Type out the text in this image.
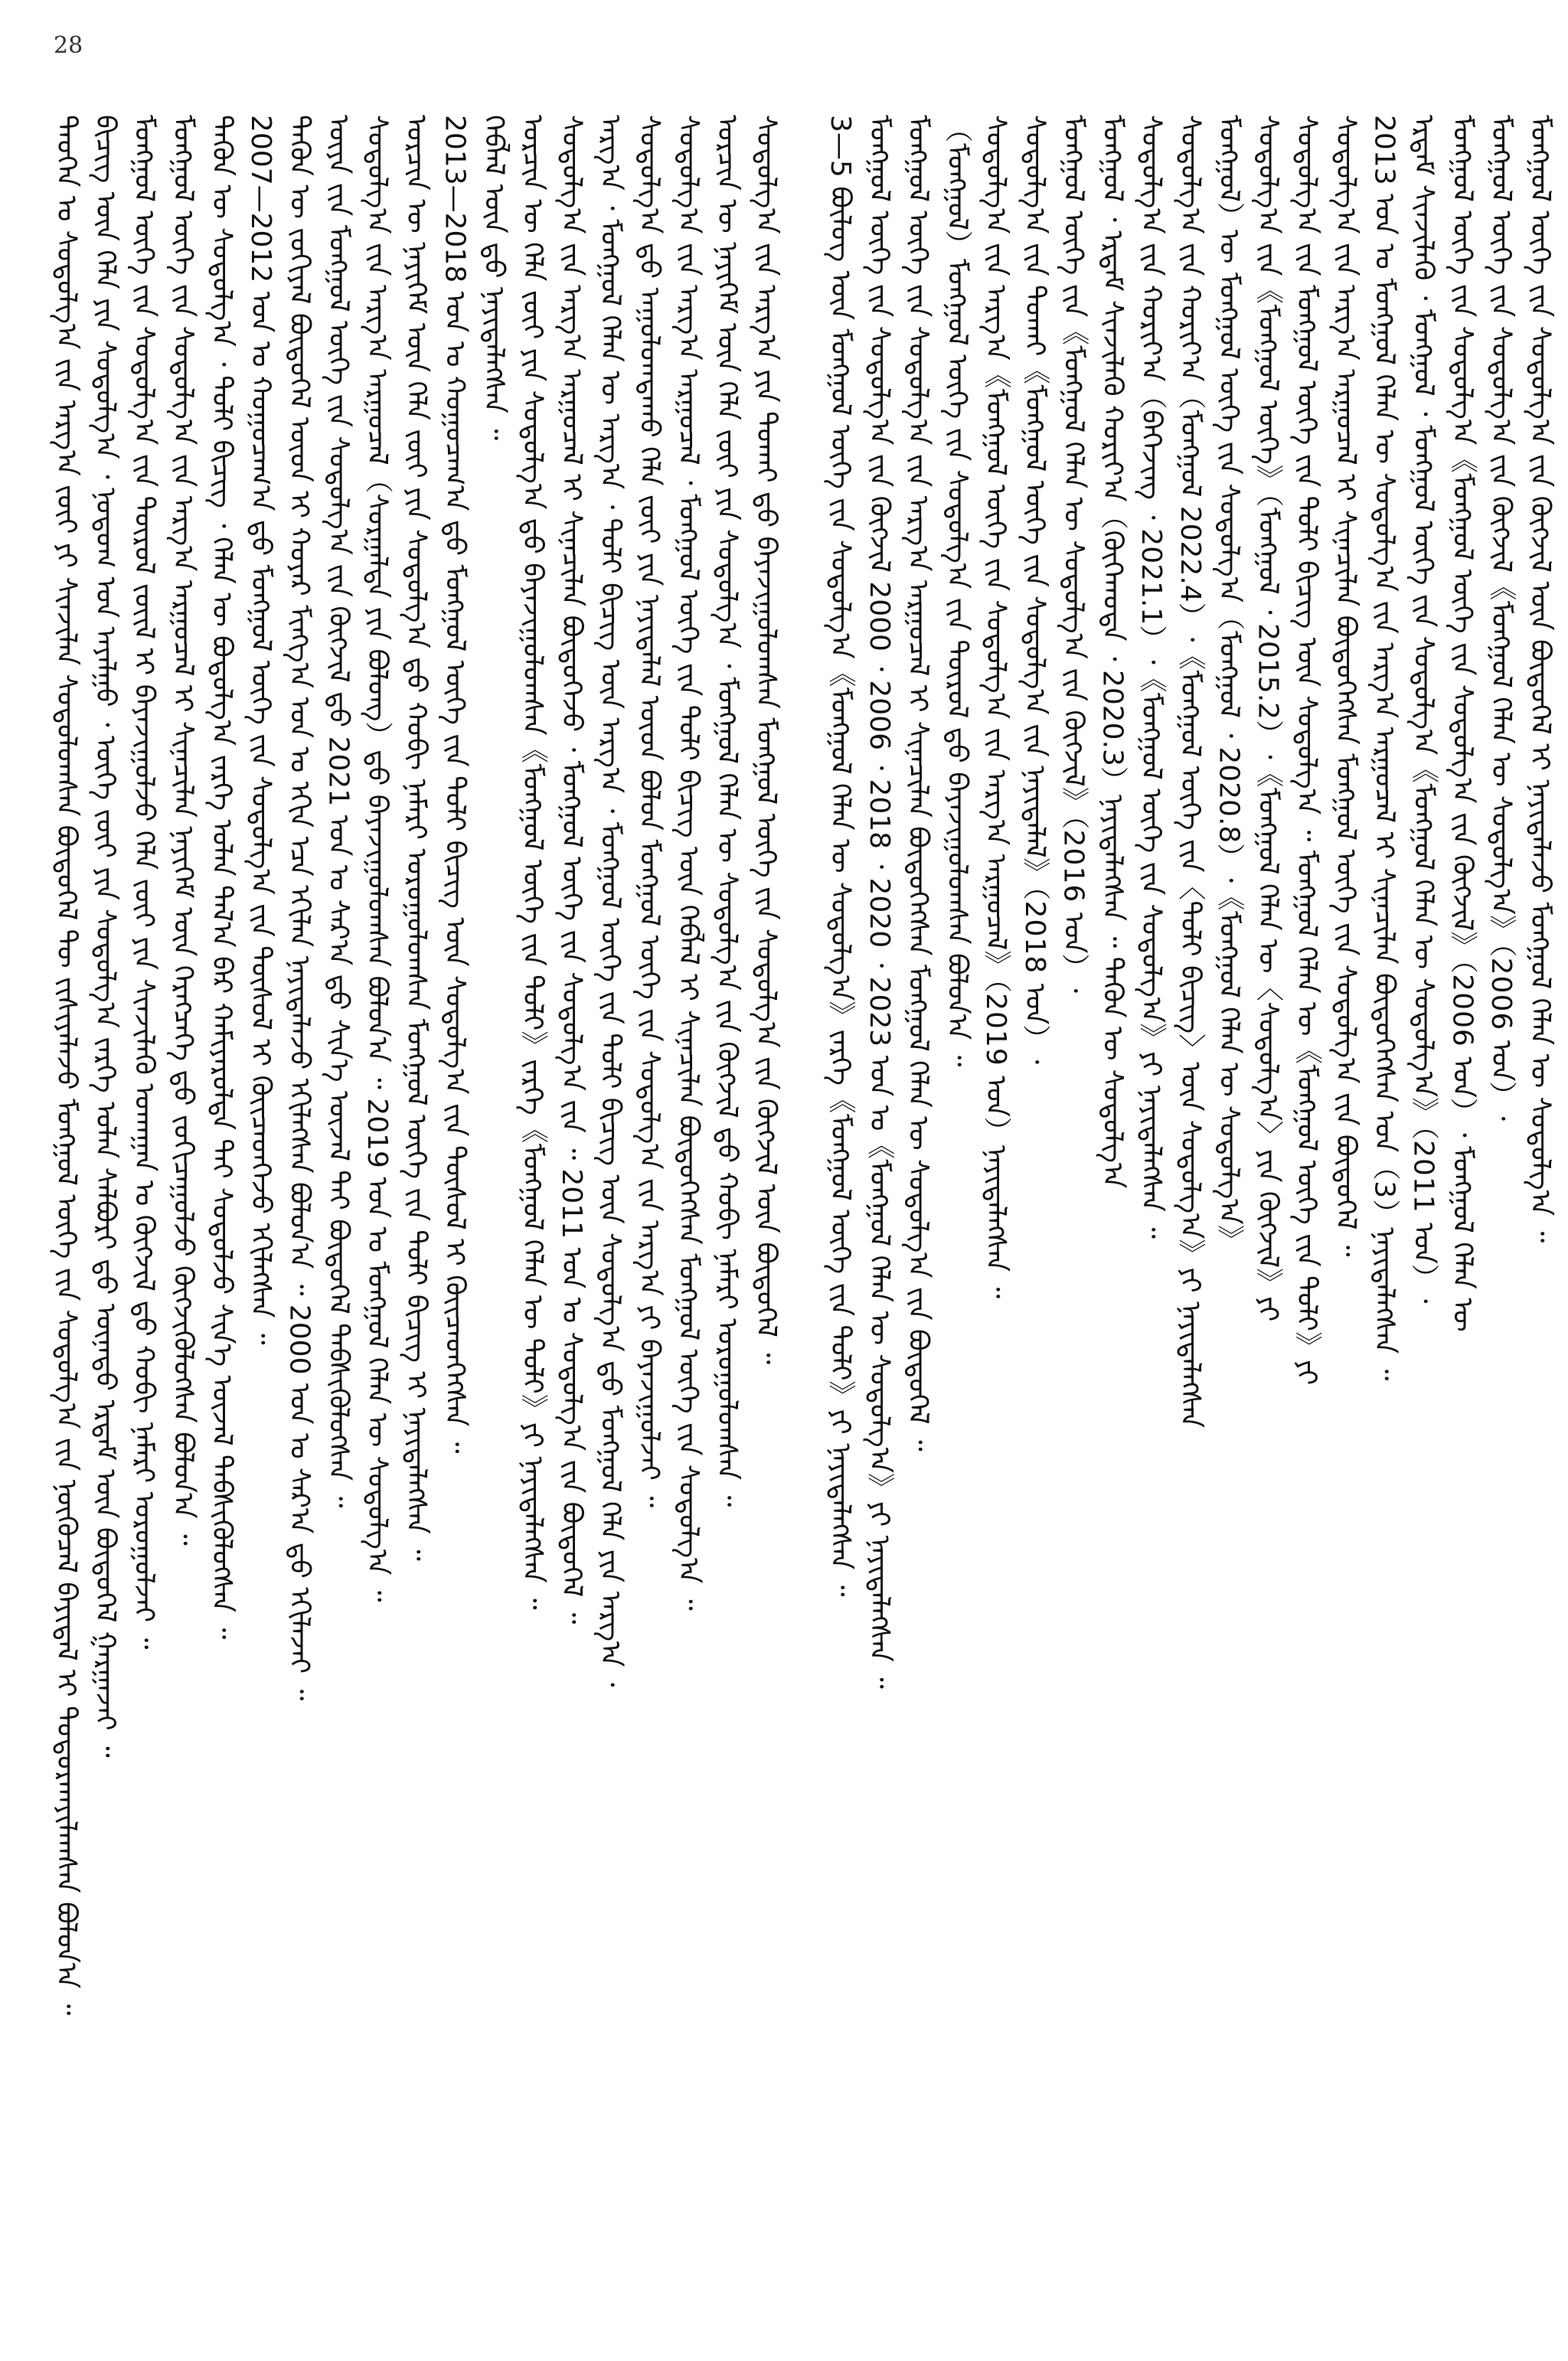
28
ᠲᠡᠦᠬᠡᠨ ᠤ ᠰᠤᠳᠤᠯᠭ᠎ᠠ ᠶ᠋ᠢᠨ ᠠᠷᠭ᠎ᠠ ᠵᠦᠢ ᠶᠢ ᠰᠢᠨᠵᠢᠯᠡᠨ ᠰᠤᠳᠤᠯᠤᠭᠰᠠᠨ ᠪᠦᠲᠦᠭᠡᠯ ᠲᠦ ᠵᠢᠱᠢᠶᠡᠯᠡᠵᠦ ᠮᠣᠩᠭᠣᠯ ᠦᠭᠡ ᠵᠢᠨ ᠰᠤᠳᠤᠯᠭ᠎ᠠ ᠶ᠋ᠢᠨ ᠨᠦᠬᠦᠴᠡᠯ ᠪᠠᠶᠢᠳᠠᠯ ᠢ ᠲᠣᠳᠤᠷᠬᠠᠶᠢᠯᠠᠭᠰᠠᠨ ᠪᠣᠯᠤᠨ᠎ᠠ ᠃ ᠪᠢᠴᠢᠭ᠌ ᠦᠨ ᠬᠡᠯᠡ ᠶᠢᠨ ᠰᠤᠳᠤᠯᠭ᠎ᠠ ᠂ ᠨᠤᠲᠤᠭ ᠤᠨ ᠠᠶᠠᠯᠭᠤ ᠂ ᠦᠭᠡ ᠵᠦᠢ ᠶᠢᠨ ᠰᠤᠳᠤᠯᠭ᠎ᠠ ᠵᠡᠷᠭᠡ ᠣᠯᠠᠨ ᠰᠠᠯᠪᠤᠷᠢ ᠳ᠋ᠤ ᠦᠨᠡᠲᠦ ᠡᠷᠳᠡᠮ ᠦᠨ ᠪᠦᠲᠦᠭᠡᠯ ᠭᠠᠷᠭᠠᠵᠠᠢ ᠃ ᠮᠣᠩᠭᠣᠯ ᠦᠭᠡ ᠵᠢᠨ ᠰᠤᠳᠤᠯᠭ᠎ᠠ ᠶ᠋ᠢᠨ ᠲᠦᠷᠦᠯ ᠵᠦᠢᠯ ᠢ ᠪᠠᠶᠠᠵᠢᠭᠤᠯᠵᠤ ᠬᠡᠯᠡ ᠵᠦᠢ ᠶᠢᠨ ᠰᠢᠨᠵᠢᠯᠡᠬᠦ ᠤᠬᠠᠭᠠᠨ ᠤ ᠬᠦᠭᠵᠢᠯ ᠳ᠋ᠦ ᠬᠤᠪᠢ ᠨᠡᠮᠡᠷᠢ ᠣᠷᠤᠭᠤᠯᠵᠠᠢ ᠃ ᠮᠣᠩᠭᠣᠯ ᠦᠭᠡ ᠵᠢᠨ ᠰᠤᠳᠤᠯᠭ᠎ᠠ ᠶ᠋ᠢᠨ ᠠᠷᠭ᠎ᠠ ᠠᠷᠭᠤᠴᠠᠯ ᠢ ᠰᠢᠨᠡᠴᠢᠯᠡᠨ ᠨᠡᠶᠢᠭᠡᠮ ᠦᠨ ᠬᠡᠷᠡᠭᠴᠡᠭᠡ ᠳ᠋ᠦ ᠵᠣᠬᠢᠴᠠᠭᠤᠯᠵᠤ ᠬᠥᠭᠵᠢᠭᠦᠯᠦᠭᠰᠡᠨ ᠪᠣᠯᠤᠨ᠎ᠠ ᠃ ᠲᠡᠭᠦᠨ ᠦ ᠰᠤᠳᠤᠯᠭ᠎ᠠ ᠂ ᠲᠣᠯᠢ ᠪᠢᠴᠢᠭ ᠂ ᠬᠡᠯᠡᠨ ᠦ ᠪᠣᠳᠤᠯᠭ᠎ᠠ ᠵᠡᠷᠭᠡ ᠣᠯᠠᠨ ᠲᠠᠯ᠎ᠠ ᠪᠠᠷ ᠬᠠᠮᠢᠶᠠᠷᠤᠯᠲᠠ ᠲᠠᠢ ᠰᠤᠳᠤᠯᠵᠤ ᠰᠢᠨ᠎ᠡ ᠦᠵᠡᠯ ᠳᠡᠪᠰᠢᠭᠦᠯᠦᠭᠰᠡᠨ ᠃ 2007—2012 ᠣᠨ ᠤ ᠬᠤᠭᠤᠴᠠᠭ᠎ᠠ ᠳ᠋ᠤ ᠮᠣᠩᠭᠣᠯ ᠦᠭᠡ ᠵᠢᠨ ᠰᠤᠳᠤᠯᠭ᠎ᠠ ᠶ᠋ᠢᠨ ᠲᠥᠰᠥᠯ ᠢ ᠭᠦᠢᠴᠡᠳᠭᠡᠵᠦ ᠡᠬᠢᠯᠡᠭᠰᠡᠨ ᠃ ᠲᠡᠭᠦᠨ ᠦ ᠵᠣᠬᠢᠶᠠᠯ ᠪᠦᠲᠦᠭᠡᠯ ᠦᠳ ᠢ ᠬᠣᠶᠠᠷ ᠮᠢᠩᠭ᠎ᠠ ᠣᠨ ᠤ ᠡᠬᠢᠨ ᠡᠴᠡ ᠡᠬᠢᠯᠡᠨ ᠨᠡᠶᠢᠲᠡᠯᠡᠵᠦ ᠡᠬᠢᠯᠡᠭᠰᠡᠨ ᠪᠣᠯᠤᠨ᠎ᠠ ᠃ 2000 ᠣᠨ ᠤ ᠰᠠᠷ᠎ᠠ ᠳ᠋ᠤ ᠡᠬᠢᠯᠡᠵᠡᠢ ᠃ ᠦᠶᠡ ᠵᠢᠨ ᠮᠣᠩᠭᠣᠯ ᠦᠭᠡ ᠵᠢᠨ ᠰᠤᠳᠤᠯᠭ᠎ᠠ ᠶ᠋ᠢᠨ ᠬᠥᠭᠵᠢᠯ ᠳ᠋ᠦ 2021 ᠣᠨ ᠤ ᠰᠠᠷ᠎ᠠ ᠳ᠋ᠤ ᠰᠢᠨ᠎ᠡ ᠦᠵᠡᠯ ᠲᠡᠢ ᠪᠦᠲᠦᠭᠡᠯ ᠳᠡᠪᠰᠢᠭᠦᠯᠦᠭᠰᠡᠨ ᠃ ᠰᠤᠳᠤᠯᠭ᠎ᠠ ᠶ᠋ᠢᠨ ᠠᠷᠭ᠎ᠠ ᠠᠷᠭᠤᠴᠠᠯ（ᠰᠤᠷᠭᠠᠯᠲᠠ ᠶᠢᠨ ᠪᠤᠯᠤᠩ）ᠳ᠋ᠤ ᠪᠠᠶᠠᠵᠢᠭᠤᠯᠤᠭᠰᠠᠨ ᠪᠣᠯᠤᠨ᠎ᠠ ᠃ 2019 ᠣᠨ ᠤ ᠮᠣᠩᠭᠣᠯ ᠬᠡᠯᠡᠨ ᠦ ᠰᠤᠳᠤᠯᠭ᠎ᠠ ᠃ ᠣᠷᠴᠢᠨ ᠦ ᠨᠡᠶᠢᠭᠡᠮ ᠦᠨ ᠬᠡᠯᠡ ᠵᠦᠢ ᠶᠢᠨ ᠰᠤᠳᠤᠯᠭ᠎ᠠ ᠳ᠋ᠤ ᠬᠤᠪᠢ ᠨᠡᠮᠡᠷᠢ ᠣᠷᠤᠭᠤᠯᠤᠭᠰᠠᠨ ᠮᠣᠩᠭᠣᠯ ᠦᠭᠡ ᠵᠢᠨ ᠲᠣᠯᠢ ᠪᠢᠴᠢᠭ ᠢ ᠨᠡᠶᠢᠲᠡᠯᠡᠭᠰᠡᠨ ᠃ 2013—2018 ᠣᠨ ᠤ ᠬᠤᠭᠤᠴᠠᠭ᠎ᠠ ᠳ᠋ᠤ ᠮᠣᠩᠭᠣᠯ ᠦᠭᠡ ᠵᠢᠨ ᠲᠣᠯᠢ ᠪᠢᠴᠢᠭ ᠦᠨ ᠰᠤᠳᠤᠯᠭ᠎ᠠ ᠶ᠋ᠢᠨ ᠲᠥᠰᠥᠯ ᠢ ᠭᠦᠢᠴᠡᠳᠭᠡᠭᠰᠡᠨ ᠃ ᠬᠡᠪᠯᠡᠯ ᠦᠨ ᠳ᠋ᠤ ᠨᠡᠶᠢᠲᠡᠯᠡᠭᠰᠡᠨ ᠃ ᠣᠷᠴᠢᠨ ᠦ ᠬᠡᠯᠡ ᠵᠦᠢ ᠶᠢᠨ ᠰᠤᠳᠤᠯᠭ᠎ᠠ ᠳ᠋ᠤ ᠪᠠᠶᠠᠵᠢᠭᠤᠯᠤᠭᠰᠠᠨ《ᠮᠣᠩᠭᠣᠯ ᠦᠭᠡ ᠵᠢᠨ ᠲᠣᠯᠢ》ᠵᠡᠷᠭᠡ《ᠮᠣᠩᠭᠣᠯ ᠬᠡᠯᠡᠨ ᠦ ᠲᠣᠯᠢ》ᠶᠢ ᠨᠡᠶᠢᠲᠡᠯᠡᠭᠰᠡᠨ ᠃ ᠰᠤᠳᠤᠯᠭ᠎ᠠ ᠶ᠋ᠢᠨ ᠠᠷᠭ᠎ᠠ ᠠᠷᠭᠤᠴᠠᠯ ᠢ ᠰᠢᠨᠡᠴᠢᠯᠡᠨ ᠪᠦᠲᠦᠭᠡᠵᠦ ᠂ ᠮᠣᠩᠭᠣᠯ ᠦᠭᠡ ᠵᠢᠨ ᠰᠤᠳᠤᠯᠭ᠎ᠠ ᠶ᠋ᠢᠨ ᠃ 2011 ᠣᠨ ᠤ ᠰᠤᠳᠤᠯᠭ᠎ᠠ ᠶ᠋ᠢᠨ ᠪᠦᠲᠦᠭᠡᠯ ᠃ ᠠᠷᠭ᠎ᠠ ᠂ ᠮᠣᠩᠭᠣᠯ ᠬᠡᠯᠡᠨ ᠦ ᠠᠷᠭ᠎ᠠ ᠂ ᠲᠣᠯᠢ ᠪᠢᠴᠢᠭ ᠦᠨ ᠠᠷᠭ᠎ᠠ ᠂ ᠮᠣᠩᠭᠣᠯ ᠦᠭᠡ ᠵᠢᠨ ᠲᠣᠯᠢ ᠪᠢᠴᠢᠭ ᠦᠨ ᠰᠤᠳᠤᠯᠭ᠎ᠠ ᠳ᠋ᠤ ᠮᠣᠩᠭᠣᠯ ᠬᠡᠯᠡ ᠶᠢᠨ ᠠᠷᠭ᠎ᠠ ᠂ ᠰᠤᠳᠤᠯᠭ᠎ᠠ ᠳ᠋ᠤ ᠠᠭᠤᠯᠤᠭᠳᠠᠬᠤ ᠬᠡᠯᠡ ᠵᠦᠢ ᠶᠢᠨ ᠨᠡᠶᠢᠲᠡᠯᠡᠯ ᠦᠳ ᠪᠣᠯᠤᠨ ᠮᠣᠩᠭᠣᠯ ᠦᠭᠡ ᠵᠢᠨ ᠰᠤᠳᠤᠯᠭ᠎ᠠ ᠶ᠋ᠢᠨ ᠠᠷᠭ᠎ᠠ ᠶᠢ ᠪᠠᠶᠠᠵᠢᠭᠤᠯᠵᠠᠢ ᠃ ᠰᠤᠳᠤᠯᠭ᠎ᠠ ᠶ᠋ᠢᠨ ᠠᠷᠭ᠎ᠠ ᠠᠷᠭᠤᠴᠠᠯ ᠂ ᠮᠣᠩᠭᠣᠯ ᠦᠭᠡ ᠵᠢᠨ ᠲᠣᠯᠢ ᠪᠢᠴᠢᠭ ᠦᠨ ᠬᠡᠪᠯᠡᠯ ᠢ ᠰᠢᠨᠡᠴᠢᠯᠡᠨ ᠪᠦᠲᠦᠭᠡᠭᠰᠡᠨ ᠮᠣᠩᠭᠣᠯ ᠦᠭᠡ ᠵᠢᠨ ᠰᠤᠳᠤᠯᠭ᠎ᠠ ᠃ ᠣᠷᠴᠢᠨ ᠦ ᠨᠡᠶᠢᠭᠡᠮ ᠦᠨ ᠬᠡᠯᠡ ᠵᠦᠢ ᠶᠢᠨ ᠰᠤᠳᠤᠯᠭ᠎ᠠ ᠂ ᠮᠣᠩᠭᠣᠯ ᠬᠡᠯᠡᠨ ᠦ ᠰᠤᠳᠤᠯᠭ᠎ᠠ ᠶ᠋ᠢᠨ ᠬᠥᠭᠵᠢᠯ ᠳ᠋ᠦ ᠬᠤᠪᠢ ᠨᠡᠮᠡᠷᠢ ᠣᠷᠤᠭᠤᠯᠤᠭᠰᠠᠨ ᠃ ᠰᠤᠳᠤᠯᠭ᠎ᠠ ᠶ᠋ᠢᠨ ᠠᠷᠭ᠎ᠠ ᠶᠢᠨ ᠲᠤᠬᠠᠢ ᠳ᠋ᠤ ᠪᠠᠶᠠᠵᠢᠭᠤᠯᠤᠭᠰᠠᠨ ᠮᠣᠩᠭᠣᠯ ᠦᠭᠡ ᠵᠢᠨ ᠰᠤᠳᠤᠯᠭ᠎ᠠ ᠶ᠋ᠢᠨ ᠬᠥᠭᠵᠢᠯ ᠦᠨ ᠪᠦᠲᠦᠭᠡᠯ ᠃ 3—5 ᠪᠦᠯᠦᠭ ᠦᠨ ᠮᠣᠩᠭᠣᠯ ᠦᠭᠡ ᠵᠢᠨ ᠰᠤᠳᠤᠯᠭ᠎ᠠ《ᠮᠣᠩᠭᠣᠯ ᠬᠡᠯᠡᠨ ᠦ ᠰᠤᠳᠤᠯᠭ᠎ᠠ》ᠵᠡᠷᠭᠡ《ᠮᠣᠩᠭᠣᠯ ᠦᠭᠡ ᠵᠢᠨ ᠲᠣᠯᠢ》ᠶᠢ ᠨᠡᠶᠢᠲᠡᠯᠡᠭᠰᠡᠨ ᠃ ᠮᠣᠩᠭᠣᠯ ᠦᠭᠡ ᠵᠢᠨ ᠰᠤᠳᠤᠯᠭ᠎ᠠ ᠶ᠋ᠢᠨ ᠬᠥᠭᠵᠢᠯ 2000 ᠂ 2006 ᠂ 2018 ᠂ 2020 ᠂ 2023 ᠣᠨ ᠤ《ᠮᠣᠩᠭᠣᠯ ᠬᠡᠯᠡᠨ ᠦ ᠰᠤᠳᠤᠯᠭ᠎ᠠ》ᠶᠢ ᠨᠡᠶᠢᠲᠡᠯᠡᠭᠰᠡᠨ ᠃ ᠮᠣᠩᠭᠣᠯ ᠦᠭᠡ ᠵᠢᠨ ᠰᠤᠳᠤᠯᠭ᠎ᠠ ᠶ᠋ᠢᠨ ᠠᠷᠭ᠎ᠠ ᠠᠷᠭᠤᠴᠠᠯ ᠢ ᠰᠢᠨᠡᠴᠢᠯᠡᠨ ᠪᠦᠲᠦᠭᠡᠭᠰᠡᠨ ᠮᠣᠩᠭᠣᠯ ᠬᠡᠯᠡᠨ ᠦ ᠰᠤᠳᠤᠯᠭ᠎ᠠ ᠶ᠋ᠢᠨ ᠪᠦᠲᠦᠭᠡᠯ ᠃ （ᠮᠣᠩᠭᠣᠯ）ᠮᠣᠩᠭᠣᠯ ᠦᠭᠡ ᠵᠢᠨ ᠰᠤᠳᠤᠯᠭ᠎ᠠ ᠶ᠋ᠢᠨ ᠲᠦᠷᠦᠯ ᠳ᠋ᠦ ᠪᠠᠶᠠᠵᠢᠭᠤᠯᠤᠭᠰᠠᠨ ᠪᠣᠯᠤᠨ᠎ᠠ ᠃ ᠰᠤᠳᠤᠯᠭ᠎ᠠ ᠶ᠋ᠢᠨ ᠠᠷᠭ᠎ᠠ《ᠮᠣᠩᠭᠣᠯ ᠦᠭᠡ ᠵᠢᠨ ᠰᠤᠳᠤᠯᠭ᠎ᠠ ᠶ᠋ᠢᠨ ᠠᠷᠭ᠎ᠠ ᠠᠷᠭᠤᠴᠠᠯ》（2019 ᠣᠨ）ᠨᠡᠶᠢᠲᠡᠯᠡᠭᠰᠡᠨ ᠃ ᠰᠤᠳᠤᠯᠭ᠎ᠠ ᠶ᠋ᠢᠨ ᠲᠤᠬᠠᠢ《ᠮᠣᠩᠭᠣᠯ ᠦᠭᠡ ᠵᠢᠨ ᠰᠤᠳᠤᠯᠭ᠎ᠠ ᠶ᠋ᠢᠨ ᠨᠡᠶᠢᠲᠡᠯᠡᠯ》（2018 ᠣᠨ）᠂ ᠮᠣᠩᠭᠣᠯ ᠦᠭᠡ ᠵᠢᠨ《ᠮᠣᠩᠭᠣᠯ ᠬᠡᠯᠡᠨ ᠦ ᠰᠤᠳᠤᠯᠭ᠎ᠠ ᠶ᠋ᠢᠨ ᠬᠥᠭᠵᠢᠯ》（2016 ᠣᠨ）᠂ ᠮᠣᠩᠭᠣᠯ ᠂ ᠡᠷᠳᠡᠮ ᠰᠢᠨᠵᠢᠯᠡᠬᠦ ᠬᠣᠷᠢᠶ᠎ᠠ（ᠬᠥᠬᠡᠬᠣᠲᠠ ᠂ 2020.3）ᠨᠡᠶᠢᠲᠡᠯᠡᠭᠰᠡᠨ ᠃ ᠲᠡᠭᠦᠨ ᠦ ᠰᠤᠳᠤᠯᠭ᠎ᠠ ᠰᠤᠳᠤᠯᠭ᠎ᠠ ᠶ᠋ᠢᠨ ᠬᠣᠷᠢᠶ᠎ᠠ（ᠪᠡᠭᠡᠵᠢᠩ ᠂ 2021.1）᠂《ᠮᠣᠩᠭᠣᠯ ᠦᠭᠡ ᠵᠢᠨ ᠰᠤᠳᠤᠯᠭ᠎ᠠ》ᠶᠢ ᠨᠡᠶᠢᠲᠡᠯᠡᠭᠰᠡᠨ ᠃ ᠰᠤᠳᠤᠯᠭ᠎ᠠ ᠶ᠋ᠢᠨ ᠬᠣᠷᠢᠶ᠎ᠠ（ᠮᠣᠩᠭᠣᠯ 2022.4）᠂《ᠮᠣᠩᠭᠣᠯ ᠦᠭᠡ ᠵᠢᠨ〈ᠲᠣᠯᠢ ᠪᠢᠴᠢᠭ〉ᠦᠨ ᠰᠤᠳᠤᠯᠭ᠎ᠠ》ᠶᠢ ᠨᠡᠶᠢᠲᠡᠯᠡᠭᠰᠡᠨ ᠮᠣᠩᠭᠣᠯ）ᠦ ᠮᠣᠩᠭᠣᠯ ᠦᠭᠡ ᠵᠢᠨ ᠰᠤᠳᠤᠯᠭ᠎ᠠ（ᠮᠣᠩᠭᠣᠯ ᠂ 2020.8）᠂《ᠮᠣᠩᠭᠣᠯ ᠬᠡᠯᠡᠨ ᠦ ᠰᠤᠳᠤᠯᠭ᠎ᠠ》 ᠰᠤᠳᠤᠯᠭ᠎ᠠ ᠶ᠋ᠢᠨ《ᠮᠣᠩᠭᠣᠯ ᠦᠭᠡ》（ᠮᠣᠩᠭᠣᠯ ᠂ 2015.2）᠂《ᠮᠣᠩᠭᠣᠯ ᠬᠡᠯᠡᠨ ᠦ〈ᠰᠤᠳᠤᠯᠭ᠎ᠠ〉ᠶᠢᠨ ᠬᠥᠭᠵᠢᠯ》ᠶᠢ ᠰᠤᠳᠤᠯᠭ᠎ᠠ ᠶ᠋ᠢᠨ ᠮᠣᠩᠭᠣᠯ ᠦᠭᠡ ᠵᠢᠨ ᠲᠣᠯᠢ ᠪᠢᠴᠢᠭ ᠦᠨ ᠰᠤᠳᠤᠯᠭ᠎ᠠ ᠃ ᠮᠣᠩᠭᠣᠯ ᠬᠡᠯᠡᠨ ᠦ《ᠮᠣᠩᠭᠣᠯ ᠦᠭᠡ ᠵᠢᠨ ᠲᠣᠯᠢ》ᠶᠢ ᠰᠤᠳᠤᠯᠭ᠎ᠠ ᠶ᠋ᠢᠨ ᠠᠷᠭ᠎ᠠ ᠠᠷᠭᠤᠴᠠᠯ ᠢ ᠰᠢᠨᠡᠴᠢᠯᠡᠨ ᠪᠦᠲᠦᠭᠡᠭᠰᠡᠨ ᠮᠣᠩᠭᠣᠯ ᠦᠭᠡ ᠵᠢᠨ ᠰᠤᠳᠤᠯᠭ᠎ᠠ ᠶ᠋ᠢᠨ ᠪᠦᠲᠦᠭᠡᠯ ᠃ 2013 ᠣᠨ ᠤ ᠮᠣᠩᠭᠣᠯ ᠬᠡᠯᠡᠨ ᠦ ᠰᠤᠳᠤᠯᠭ᠎ᠠ ᠶ᠋ᠢᠨ ᠠᠷᠭ᠎ᠠ ᠠᠷᠭᠤᠴᠠᠯ ᠢ ᠰᠢᠨᠡᠴᠢᠯᠡᠨ ᠪᠦᠲᠦᠭᠡᠭᠰᠡᠨ ᠣᠨ（3）ᠨᠡᠶᠢᠲᠡᠯᠡᠭᠰᠡᠨ ᠃ ᠡᠷᠳᠡᠮ ᠰᠢᠨᠵᠢᠯᠡᠬᠦ ᠂ ᠮᠣᠩᠭᠣᠯ ᠂ ᠮᠣᠩᠭᠣᠯ ᠦᠭᠡ ᠵᠢᠨ ᠰᠤᠳᠤᠯᠭ᠎ᠠ《ᠮᠣᠩᠭᠣᠯ ᠬᠡᠯᠡᠨ ᠦ ᠰᠤᠳᠤᠯᠭ᠎ᠠ》（2011 ᠣᠨ）᠂ ᠮᠣᠩᠭᠣᠯ ᠦᠭᠡ ᠵᠢᠨ ᠰᠤᠳᠤᠯᠭ᠎ᠠ《ᠮᠣᠩᠭᠣᠯ ᠦᠭᠡ ᠵᠢᠨ ᠰᠤᠳᠤᠯᠭ᠎ᠠ ᠶ᠋ᠢᠨ ᠬᠥᠭᠵᠢᠯ》（2006 ᠣᠨ）᠂ ᠮᠣᠩᠭᠣᠯ ᠬᠡᠯᠡᠨ ᠦ ᠮᠣᠩᠭᠣᠯ ᠦᠭᠡ ᠵᠢᠨ ᠰᠤᠳᠤᠯᠭ᠎ᠠ ᠶ᠋ᠢᠨ ᠬᠥᠭᠵᠢᠯ《ᠮᠣᠩᠭᠣᠯ ᠬᠡᠯᠡᠨ ᠦ ᠰᠤᠳᠤᠯᠭ᠎ᠠ》（2006 ᠣᠨ）᠂ ᠮᠣᠩᠭᠣᠯ ᠦᠭᠡ ᠵᠢᠨ ᠰᠤᠳᠤᠯᠭ᠎ᠠ ᠶ᠋ᠢᠨ ᠬᠥᠭᠵᠢᠯ ᠦᠨ ᠪᠦᠲᠦᠭᠡᠯ ᠢ ᠨᠡᠶᠢᠲᠡᠯᠡᠵᠦ ᠮᠣᠩᠭᠣᠯ ᠬᠡᠯᠡᠨ ᠦ ᠰᠤᠳᠤᠯᠭ᠎ᠠ ᠃
